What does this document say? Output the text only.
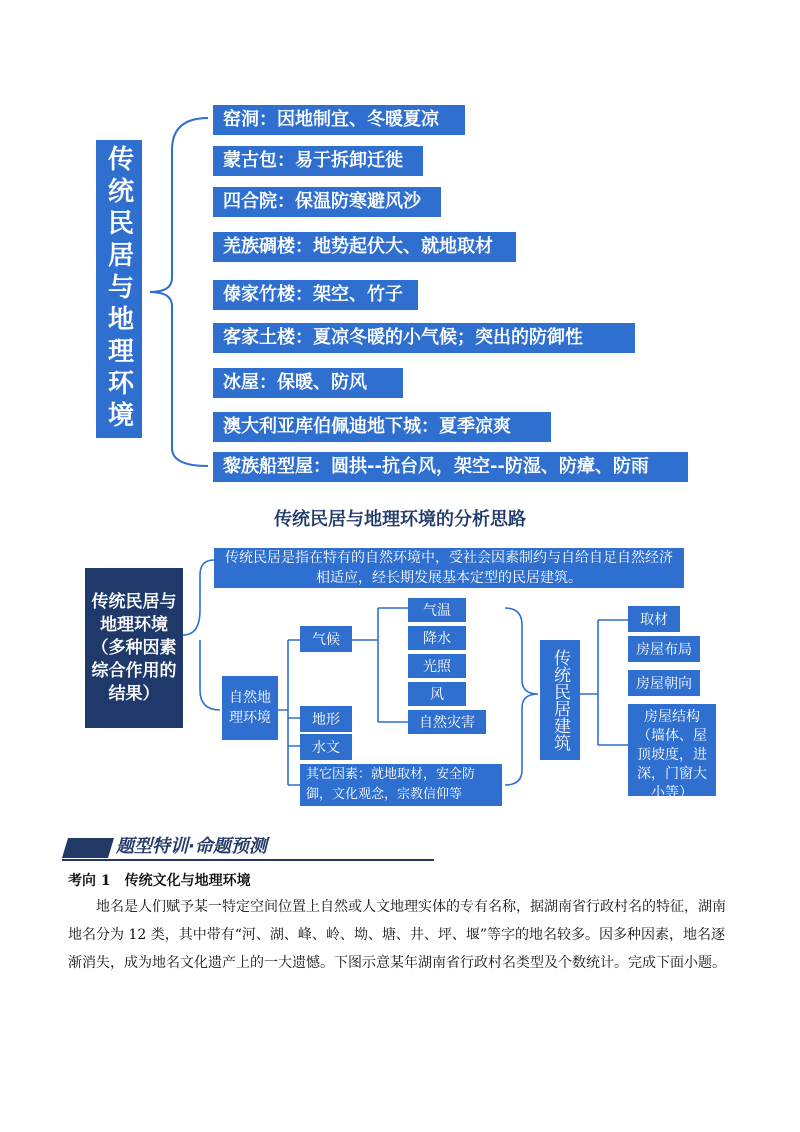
传统民居与地理环境
窑洞：因地制宜、冬暖夏凉
蒙古包：易于拆卸迁徙
四合院：保温防寒避风沙
羌族碉楼：地势起伏大、就地取材
傣家竹楼：架空、竹子
客家土楼：夏凉冬暖的小气候；突出的防御性
冰屋：保暖、防风
澳大利亚库伯佩迪地下城：夏季凉爽
黎族船型屋：圆拱--抗台风，架空--防湿、防瘴、防雨
传统民居与地理环境的分析思路
传统民居与地理环境（多种因素综合作用的结果）
传统民居是指在特有的自然环境中，受社会因素制约与自给自足自然经济相适应，经长期发展基本定型的民居建筑。
自然地理环境
气候
气温
降水
光照
风
自然灾害
地形
水文
其它因素：就地取材，安全防御，文化观念，宗教信仰等
传统民居建筑
取材
房屋布局
房屋朝向
房屋结构（墙体、屋顶坡度，进深，门窗大小等）
题型特训·命题预测
考向 1　传统文化与地理环境
地名是人们赋予某一特定空间位置上自然或人文地理实体的专有名称，据湖南省行政村名的特征，湖南地名分为 12 类，其中带有“河、湖、峰、岭、坳、塘、井、坪、堰”等字的地名较多。因多种因素，地名逐渐消失，成为地名文化遗产上的一大遗憾。下图示意某年湖南省行政村名类型及个数统计。完成下面小题。
